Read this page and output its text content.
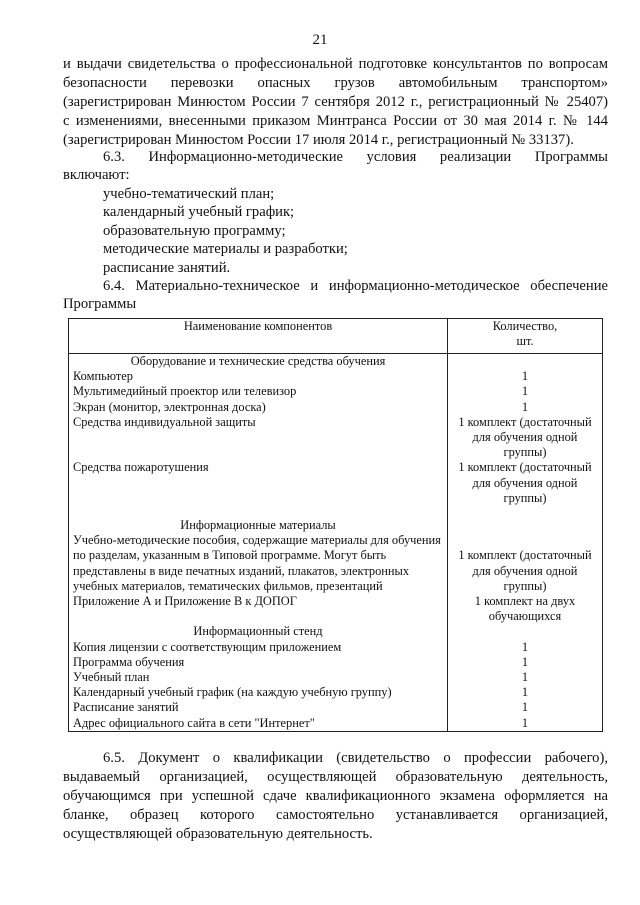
21
и выдачи свидетельства о профессиональной подготовке консультантов по вопросам
безопасности перевозки опасных грузов автомобильным транспортом»
(зарегистрирован Минюстом России 7 сентября 2012 г., регистрационный № 25407)
с изменениями, внесенными приказом Минтранса России от 30 мая 2014 г. № 144
(зарегистрирован Минюстом России 17 июля 2014 г., регистрационный № 33137).
6.3. Информационно-методические условия реализации Программы
включают:
учебно-тематический план;
календарный учебный график;
образовательную программу;
методические материалы и разработки;
расписание занятий.
6.4. Материально-техническое и информационно-методическое обеспечение
Программы
Наименование компонентов	Количество,
шт.

Оборудование и технические средства обучения	
Компьютер	1
Мультимедийный проектор или телевизор	1
Экран (монитор, электронная доска)	1
Средства индивидуальной защиты	1 комплект (достаточный для обучения одной группы)
Средства пожаротушения	1 комплект (достаточный для обучения одной группы)

Информационные материалы	
Учебно-методические пособия, содержащие материалы для обучения по разделам, указанным в Типовой программе. Могут быть представлены в виде печатных изданий, плакатов, электронных учебных материалов, тематических фильмов, презентаций	1 комплект (достаточный для обучения одной группы)
Приложение А и Приложение В к ДОПОГ	1 комплект на двух обучающихся
Информационный стенд	
Копия лицензии с соответствующим приложением	1
Программа обучения	1
Учебный план	1
Календарный учебный график (на каждую учебную группу)	1
Расписание занятий	1
Адрес официального сайта в сети "Интернет"	1
6.5. Документ о квалификации (свидетельство о профессии рабочего),
выдаваемый организацией, осуществляющей образовательную деятельность,
обучающимся при успешной сдаче квалификационного экзамена оформляется на
бланке, образец которого самостоятельно устанавливается организацией,
осуществляющей образовательную деятельность.
